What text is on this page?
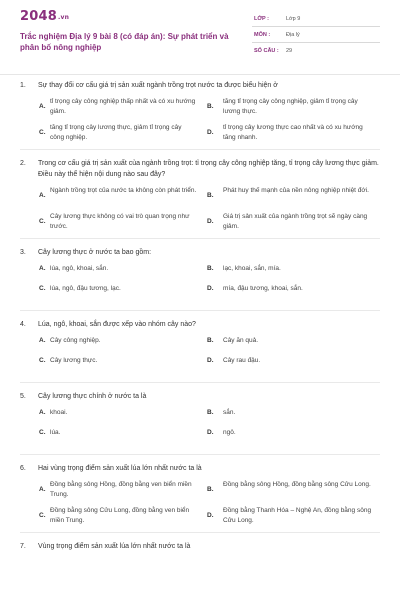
2048.vn
Trắc nghiệm Địa lý 9 bài 8 (có đáp án): Sự phát triển và phân bố nông nghiệp
LỚP :	Lớp 9
MÔN :	Địa lý
SỐ CÂU : 29
1. Sự thay đổi cơ cấu giá trị sản xuất ngành trồng trọt nước ta được biểu hiện ở
A.
tỉ trọng cây công nghiệp thấp nhất và có xu hướng giảm.
B.
tăng tỉ trọng cây công nghiệp, giảm tỉ trọng cây lương thực.
C.
tăng tỉ trọng cây lương thực, giảm tỉ trọng cây công nghiệp.
D.
tỉ trọng cây lương thực cao nhất và có xu hướng tăng nhanh.
2. Trong cơ cấu giá trị sản xuất của ngành trồng trọt: tỉ trọng cây công nghiệp tăng, tỉ trọng cây lương thực giảm. Điều này thể hiện nội dung nào sau đây?
A.
Ngành trồng trọt của nước ta không còn phát triển.
B.
Phát huy thế mạnh của nền nông nghiệp nhiệt đới.
C.
Cây lương thực không có vai trò quan trọng như trước.
D.
Giá trị sản xuất của ngành trồng trọt sẽ ngày càng giảm.
3. Cây lương thực ở nước ta bao gồm:
A. lúa, ngô, khoai, sắn.	B. lạc, khoai, sắn, mía.
C. lúa, ngô, đậu tương, lạc.	D. mía, đậu tương, khoai, sắn.
4. Lúa, ngô, khoai, sắn được xếp vào nhóm cây nào?
A. Cây công nghiệp.	B. Cây ăn quả.
C. Cây lương thực.	D. Cây rau đậu.
5. Cây lương thực chính ở nước ta là
A. khoai.	B. sắn.
C. lúa.	D. ngô.
6. Hai vùng trọng điểm sản xuất lúa lớn nhất nước ta là
A.
Đồng bằng sông Hồng, đồng bằng ven biển miền Trung.
B.
Đồng bằng sông Hồng, đồng bằng sông Cửu Long.
C.
Đồng bằng sông Cửu Long, đồng bằng ven biển miền Trung.
D.
Đồng bằng Thanh Hóa – Nghệ An, đồng bằng sông Cửu Long.
7. Vùng trọng điểm sản xuất lúa lớn nhất nước ta là
